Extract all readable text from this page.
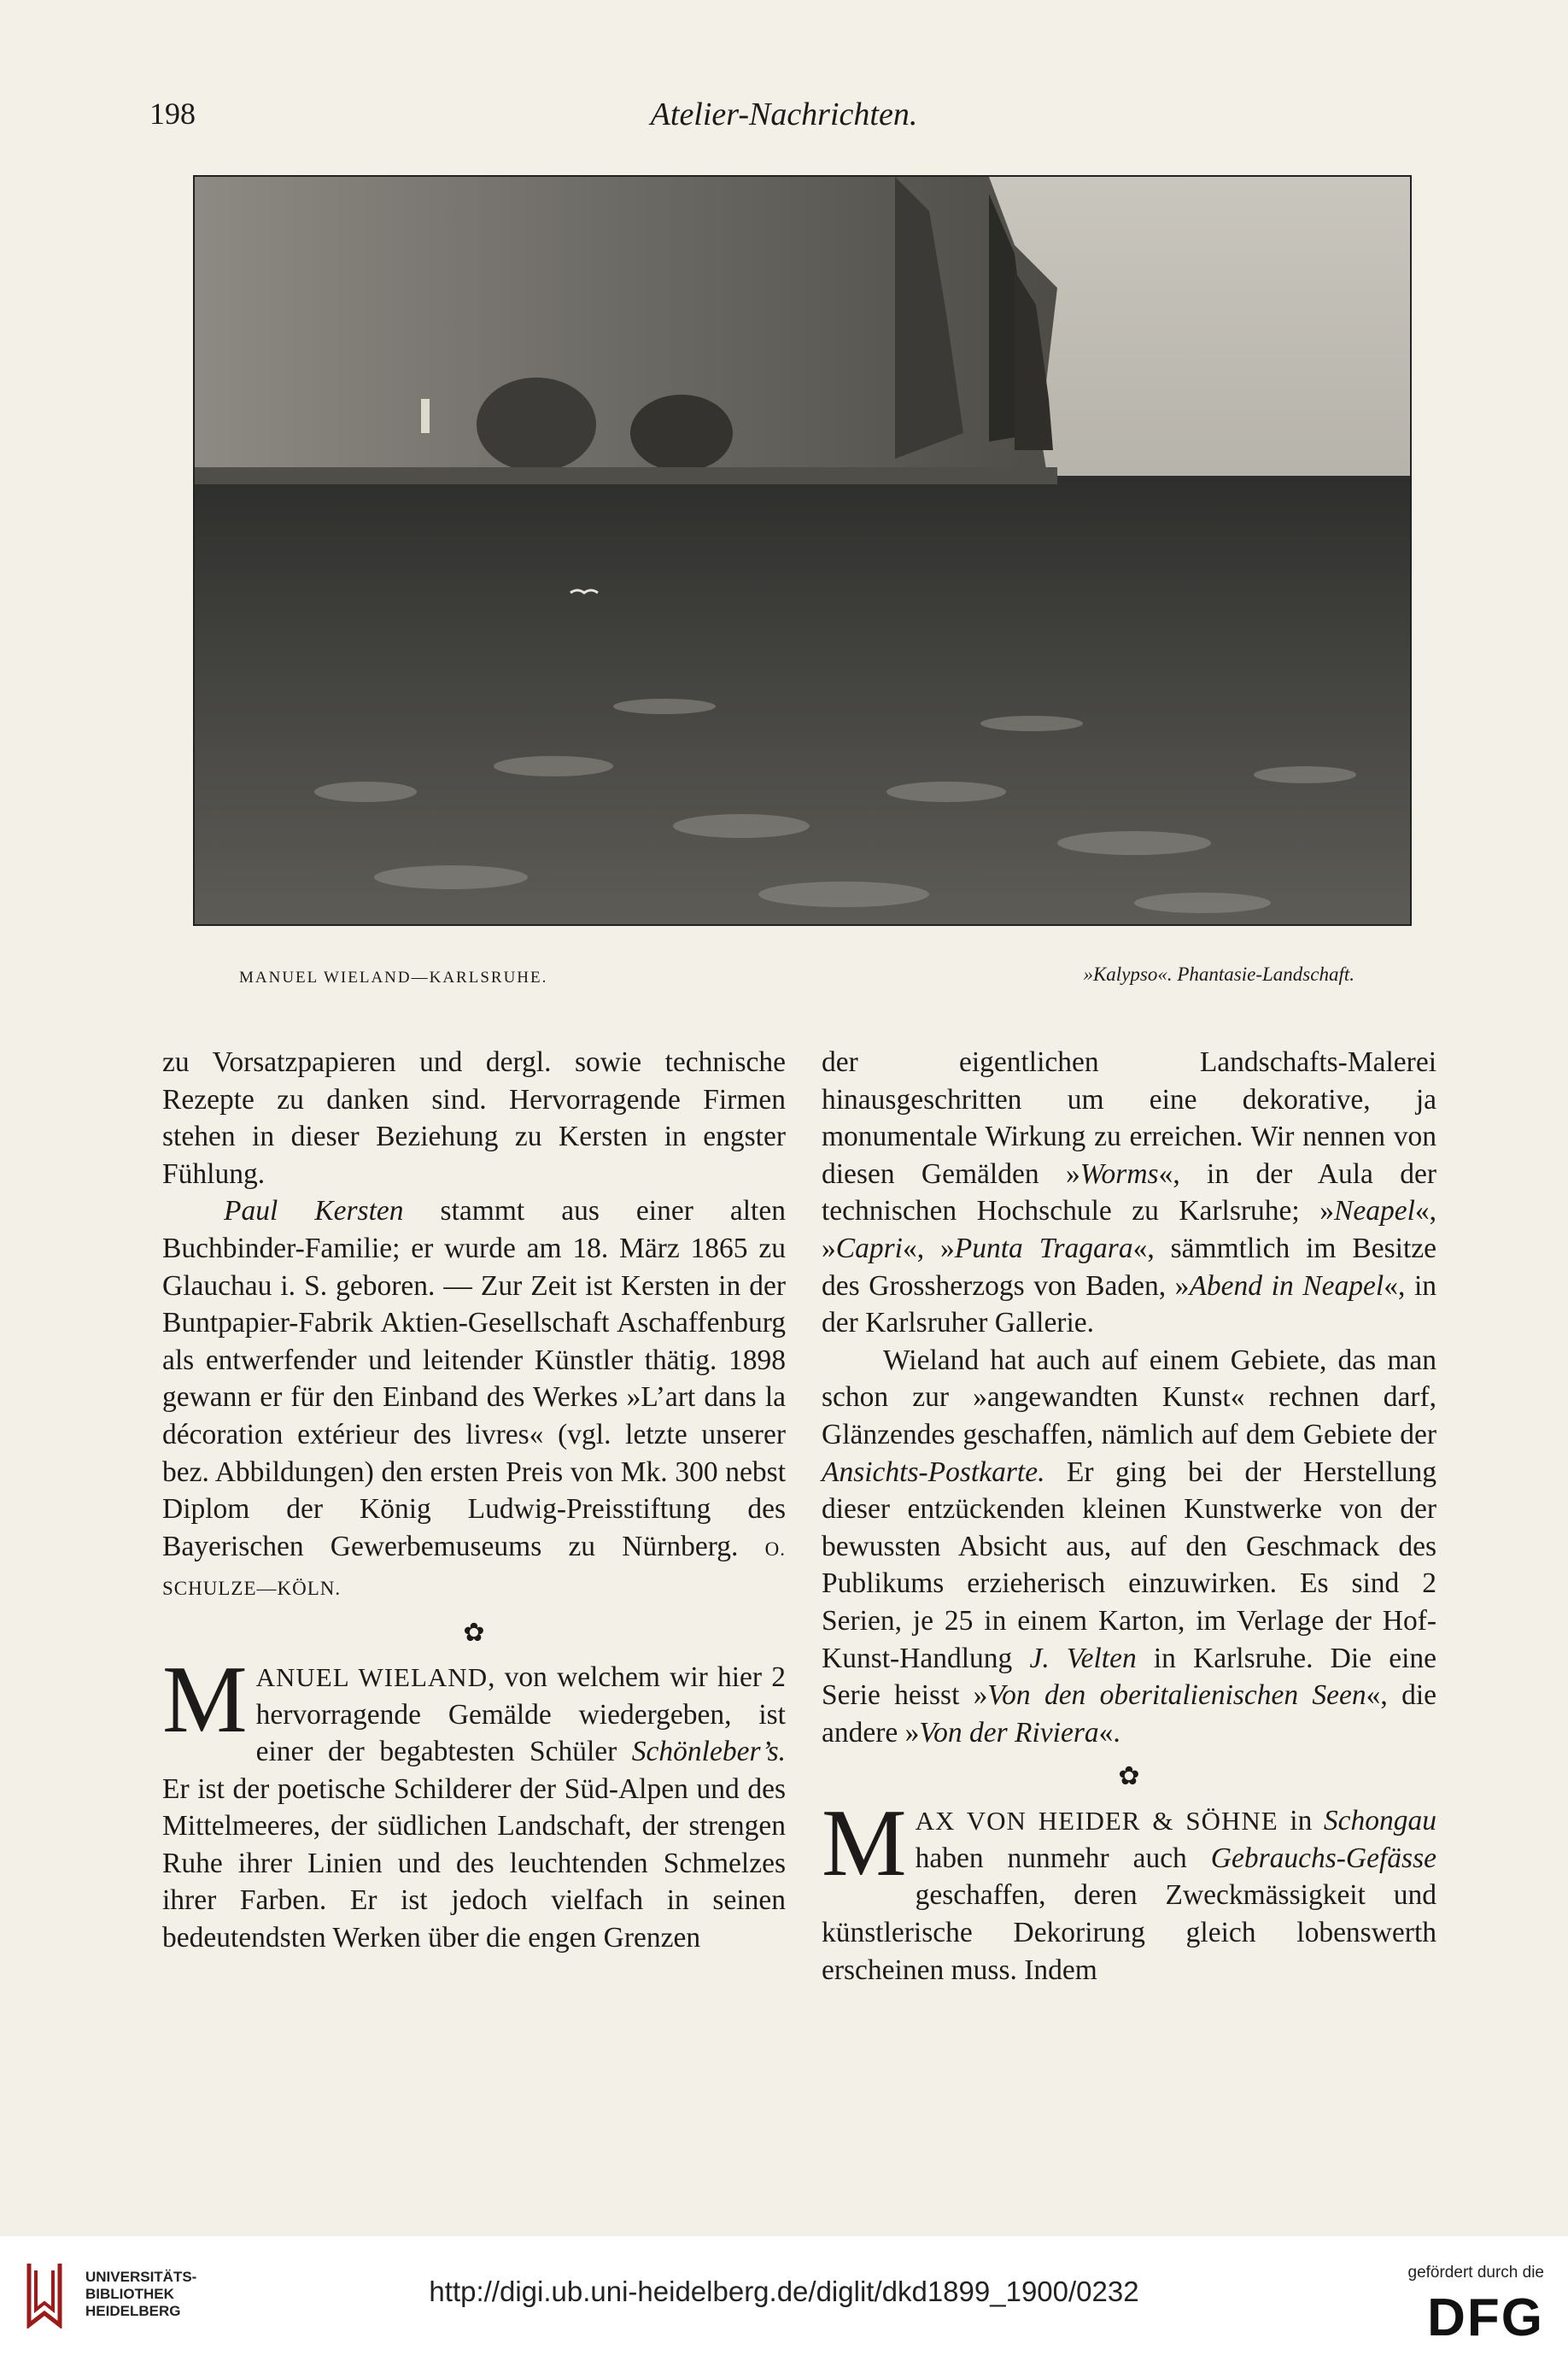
198	Atelier-Nachrichten.
MANUEL WIELAND—KARLSRUHE.	»Kalypso«. Phantasie-Landschaft.

zu Vorsatzpapieren und dergl. sowie technische Rezepte zu danken sind. Hervorragende Firmen stehen in dieser Beziehung zu Kersten in engster Fühlung.

Paul Kersten stammt aus einer alten Buchbinder-Familie; er wurde am 18. März 1865 zu Glauchau i. S. geboren. — Zur Zeit ist Kersten in der Buntpapier-Fabrik Aktien-Gesellschaft Aschaffenburg als entwerfender und leitender Künstler thätig. 1898 gewann er für den Einband des Werkes »L’art dans la décoration extérieur des livres« (vgl. letzte unserer bez. Abbildungen) den ersten Preis von Mk. 300 nebst Diplom der König Ludwig-Preisstiftung des Bayerischen Gewerbemuseums zu Nürnberg. O. SCHULZE—KÖLN.

✿

MANUEL WIELAND, von welchem wir hier 2 hervorragende Gemälde wiedergeben, ist einer der begabtesten Schüler Schönleber’s. Er ist der poetische Schilderer der Süd-Alpen und des Mittelmeeres, der südlichen Landschaft, der strengen Ruhe ihrer Linien und des leuchtenden Schmelzes ihrer Farben. Er ist jedoch vielfach in seinen bedeutendsten Werken über die engen Grenzen

der eigentlichen Landschafts-Malerei hinausgeschritten um eine dekorative, ja monumentale Wirkung zu erreichen. Wir nennen von diesen Gemälden »Worms«, in der Aula der technischen Hochschule zu Karlsruhe; »Neapel«, »Capri«, »Punta Tragara«, sämmtlich im Besitze des Grossherzogs von Baden, »Abend in Neapel«, in der Karlsruher Gallerie.

Wieland hat auch auf einem Gebiete, das man schon zur »angewandten Kunst« rechnen darf, Glänzendes geschaffen, nämlich auf dem Gebiete der Ansichts-Postkarte. Er ging bei der Herstellung dieser entzückenden kleinen Kunstwerke von der bewussten Absicht aus, auf den Geschmack des Publikums erzieherisch einzuwirken. Es sind 2 Serien, je 25 in einem Karton, im Verlage der Hof-Kunst-Handlung J. Velten in Karlsruhe. Die eine Serie heisst »Von den oberitalienischen Seen«, die andere »Von der Riviera«.

✿

MAX VON HEIDER & SÖHNE in Schongau haben nunmehr auch Gebrauchs-Gefässe geschaffen, deren Zweckmässigkeit und künstlerische Dekorirung gleich lobenswerth erscheinen muss. Indem

UNIVERSITÄTS-
BIBLIOTHEK
HEIDELBERG
http://digi.ub.uni-heidelberg.de/diglit/dkd1899_1900/0232
gefördert durch die
DFG
